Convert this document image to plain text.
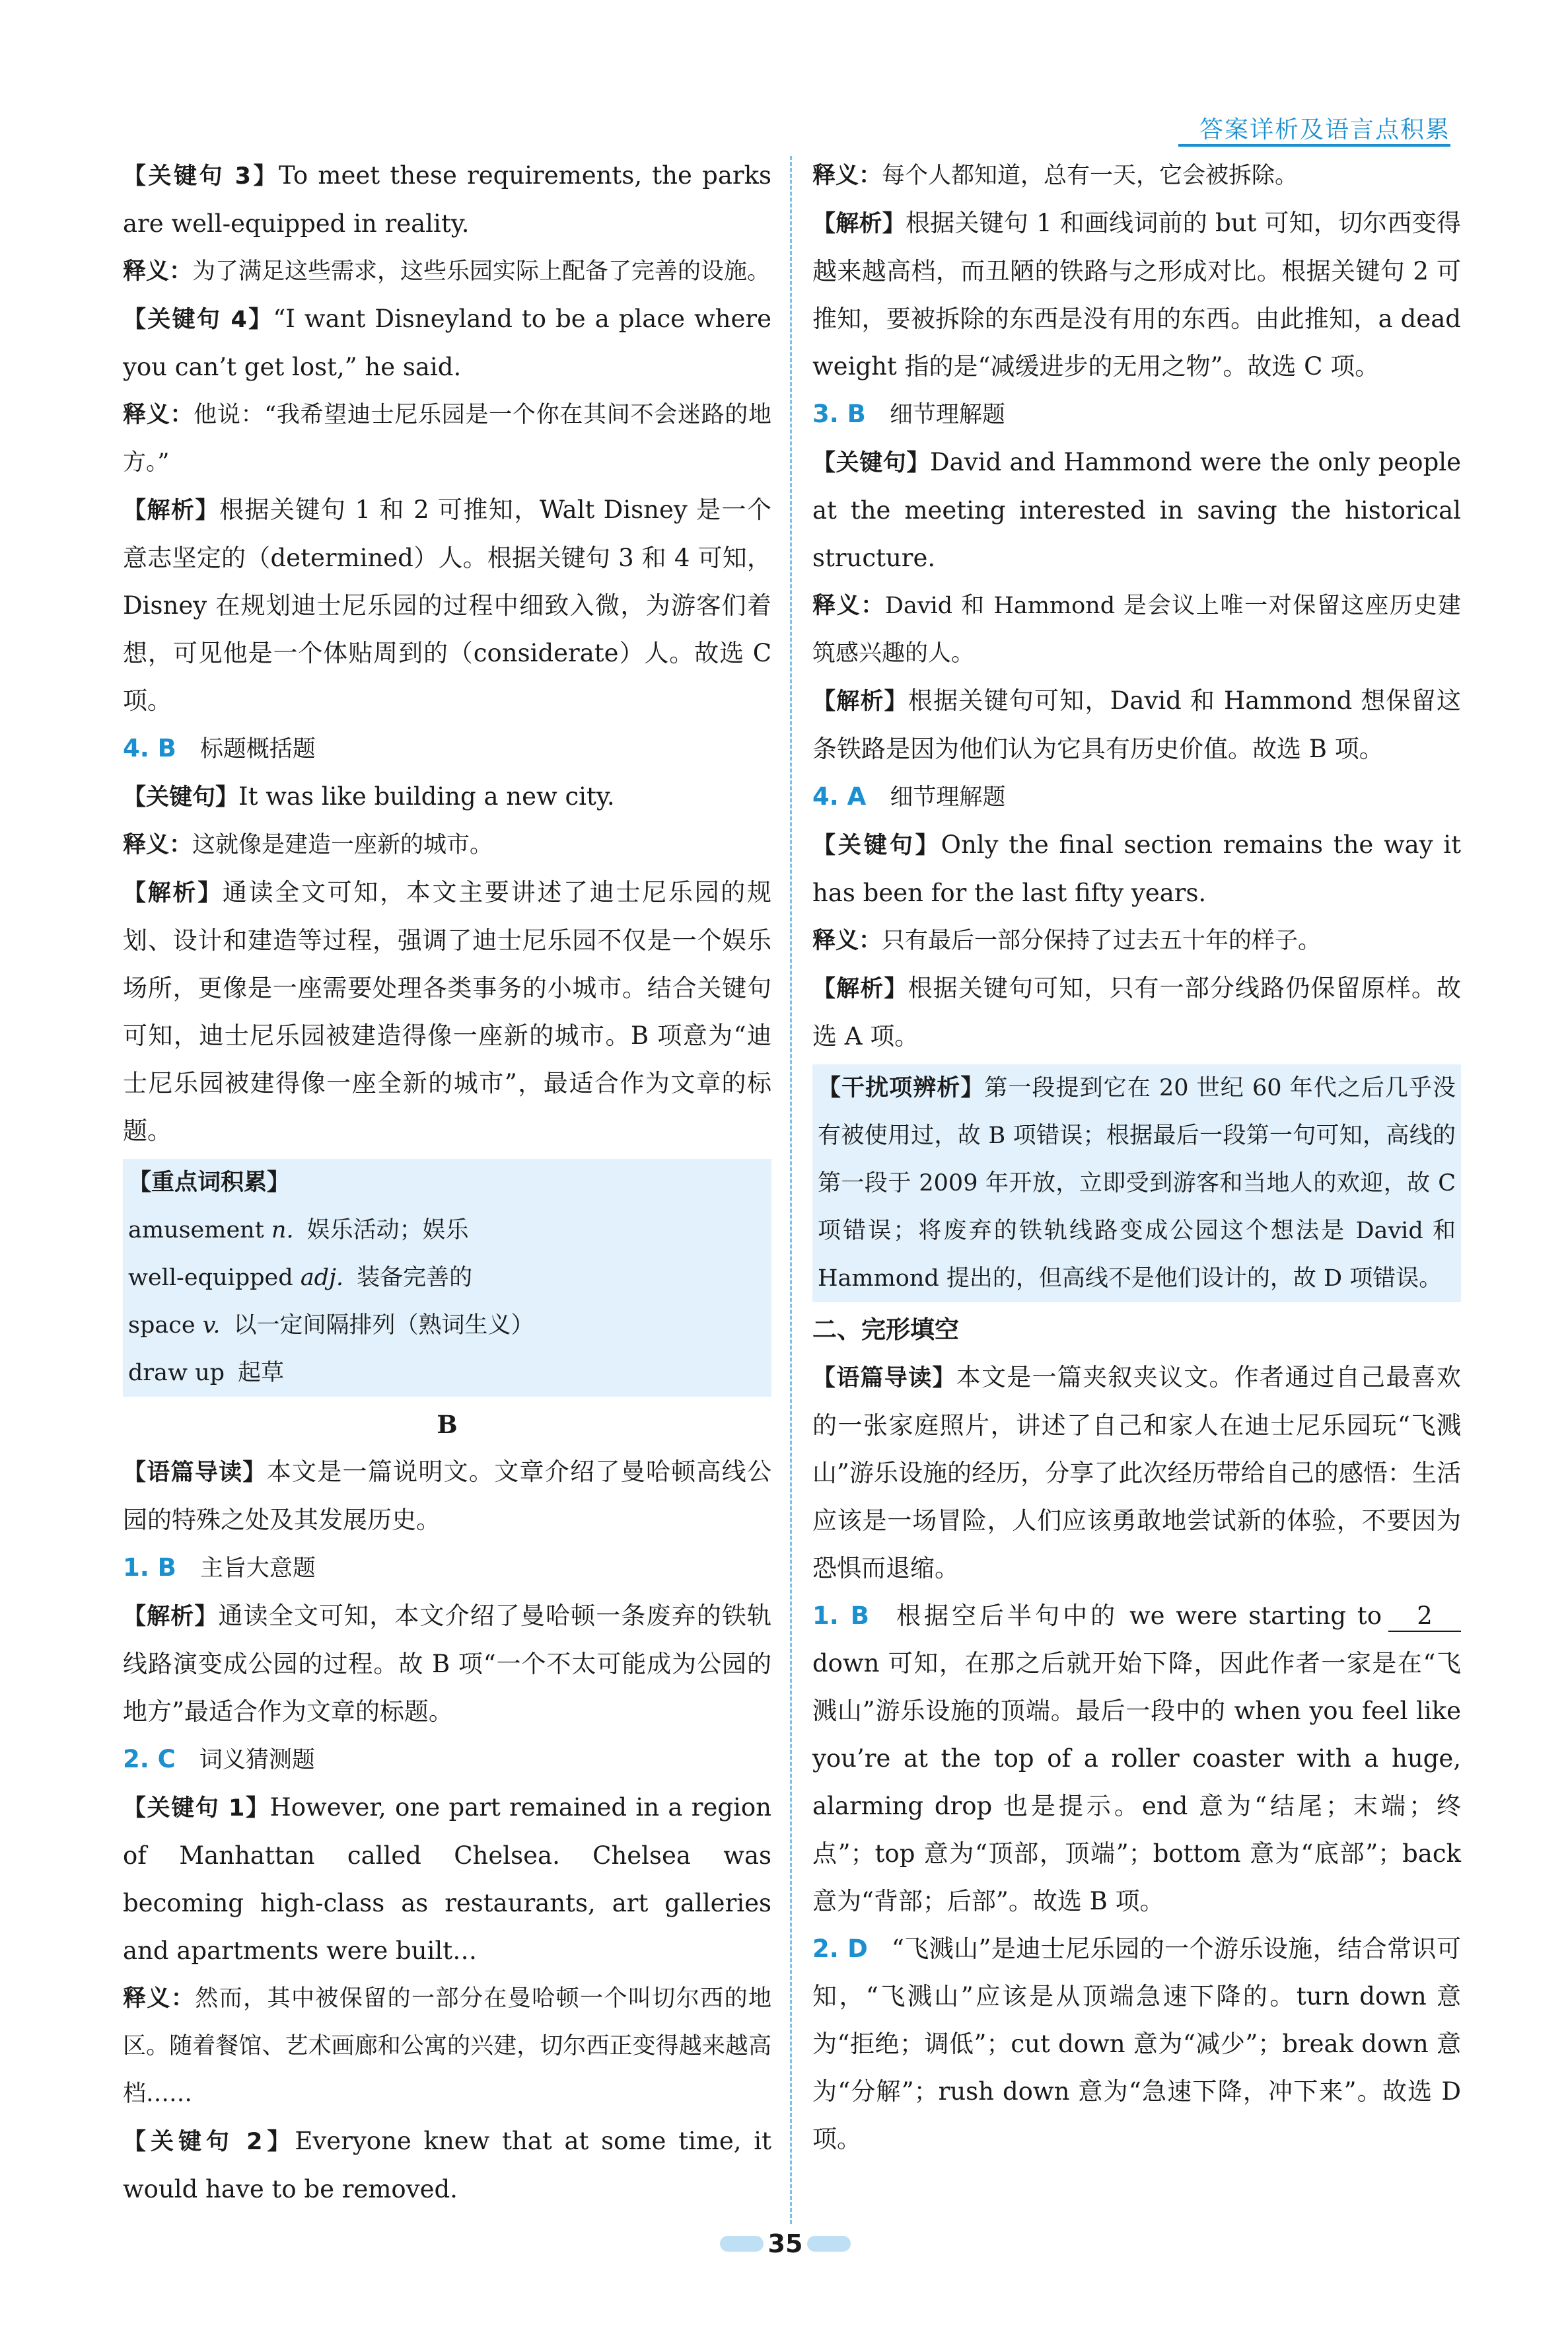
答案详析及语言点积累

【关键句 3】To meet these requirements, the parks are well-equipped in reality.

释义：为了满足这些需求，这些乐园实际上配备了完善的设施。

【关键句 4】“I want Disneyland to be a place where you can’t get lost,” he said.

释义：他说：“我希望迪士尼乐园是一个你在其间不会迷路的地方。”

【解析】根据关键句 1 和 2 可推知，Walt Disney 是一个意志坚定的（determined）人。根据关键句 3 和 4 可知，Disney 在规划迪士尼乐园的过程中细致入微，为游客们着想，可见他是一个体贴周到的（considerate）人。故选 C 项。

4. B 标题概括题

【关键句】It was like building a new city.

释义：这就像是建造一座新的城市。

【解析】通读全文可知，本文主要讲述了迪士尼乐园的规划、设计和建造等过程，强调了迪士尼乐园不仅是一个娱乐场所，更像是一座需要处理各类事务的小城市。结合关键句可知，迪士尼乐园被建造得像一座新的城市。B 项意为“迪士尼乐园被建得像一座全新的城市”，最适合作为文章的标题。

【重点词积累】

amusement n. 娱乐活动；娱乐

well-equipped adj. 装备完善的

space v. 以一定间隔排列（熟词生义）

draw up 起草

B

【语篇导读】本文是一篇说明文。文章介绍了曼哈顿高线公园的特殊之处及其发展历史。

1. B 主旨大意题

【解析】通读全文可知，本文介绍了曼哈顿一条废弃的铁轨线路演变成公园的过程。故 B 项“一个不太可能成为公园的地方”最适合作为文章的标题。

2. C 词义猜测题

【关键句 1】However, one part remained in a region of Manhattan called Chelsea. Chelsea was becoming high-class as restaurants, art galleries and apartments were built…

释义：然而，其中被保留的一部分在曼哈顿一个叫切尔西的地区。随着餐馆、艺术画廊和公寓的兴建，切尔西正变得越来越高档……

【关键句 2】Everyone knew that at some time, it would have to be removed.

释义：每个人都知道，总有一天，它会被拆除。

【解析】根据关键句 1 和画线词前的 but 可知，切尔西变得越来越高档，而丑陋的铁路与之形成对比。根据关键句 2 可推知，要被拆除的东西是没有用的东西。由此推知，a dead weight 指的是“减缓进步的无用之物”。故选 C 项。

3. B 细节理解题

【关键句】David and Hammond were the only people at the meeting interested in saving the historical structure.

释义：David 和 Hammond 是会议上唯一对保留这座历史建筑感兴趣的人。

【解析】根据关键句可知，David 和 Hammond 想保留这条铁路是因为他们认为它具有历史价值。故选 B 项。

4. A 细节理解题

【关键句】Only the final section remains the way it has been for the last fifty years.

释义：只有最后一部分保持了过去五十年的样子。

【解析】根据关键句可知，只有一部分线路仍保留原样。故选 A 项。

【干扰项辨析】第一段提到它在 20 世纪 60 年代之后几乎没有被使用过，故 B 项错误；根据最后一段第一句可知，高线的第一段于 2009 年开放，立即受到游客和当地人的欢迎，故 C 项错误；将废弃的铁轨线路变成公园这个想法是 David 和 Hammond 提出的，但高线不是他们设计的，故 D 项错误。

二、完形填空

【语篇导读】本文是一篇夹叙夹议文。作者通过自己最喜欢的一张家庭照片，讲述了自己和家人在迪士尼乐园玩“飞溅山”游乐设施的经历，分享了此次经历带给自己的感悟：生活应该是一场冒险，人们应该勇敢地尝试新的体验，不要因为恐惧而退缩。

1. B 根据空后半句中的 we were starting to 2down 可知，在那之后就开始下降，因此作者一家是在“飞溅山”游乐设施的顶端。最后一段中的 when you feel like you’re at the top of a roller coaster with a huge, alarming drop 也是提示。end 意为“结尾；末端；终点”；top 意为“顶部，顶端”；bottom 意为“底部”；back 意为“背部；后部”。故选 B 项。

2. D “飞溅山”是迪士尼乐园的一个游乐设施，结合常识可知，“飞溅山”应该是从顶端急速下降的。turn down 意为“拒绝；调低”；cut down 意为“减少”；break down 意为“分解”；rush down 意为“急速下降，冲下来”。故选 D 项。

35
